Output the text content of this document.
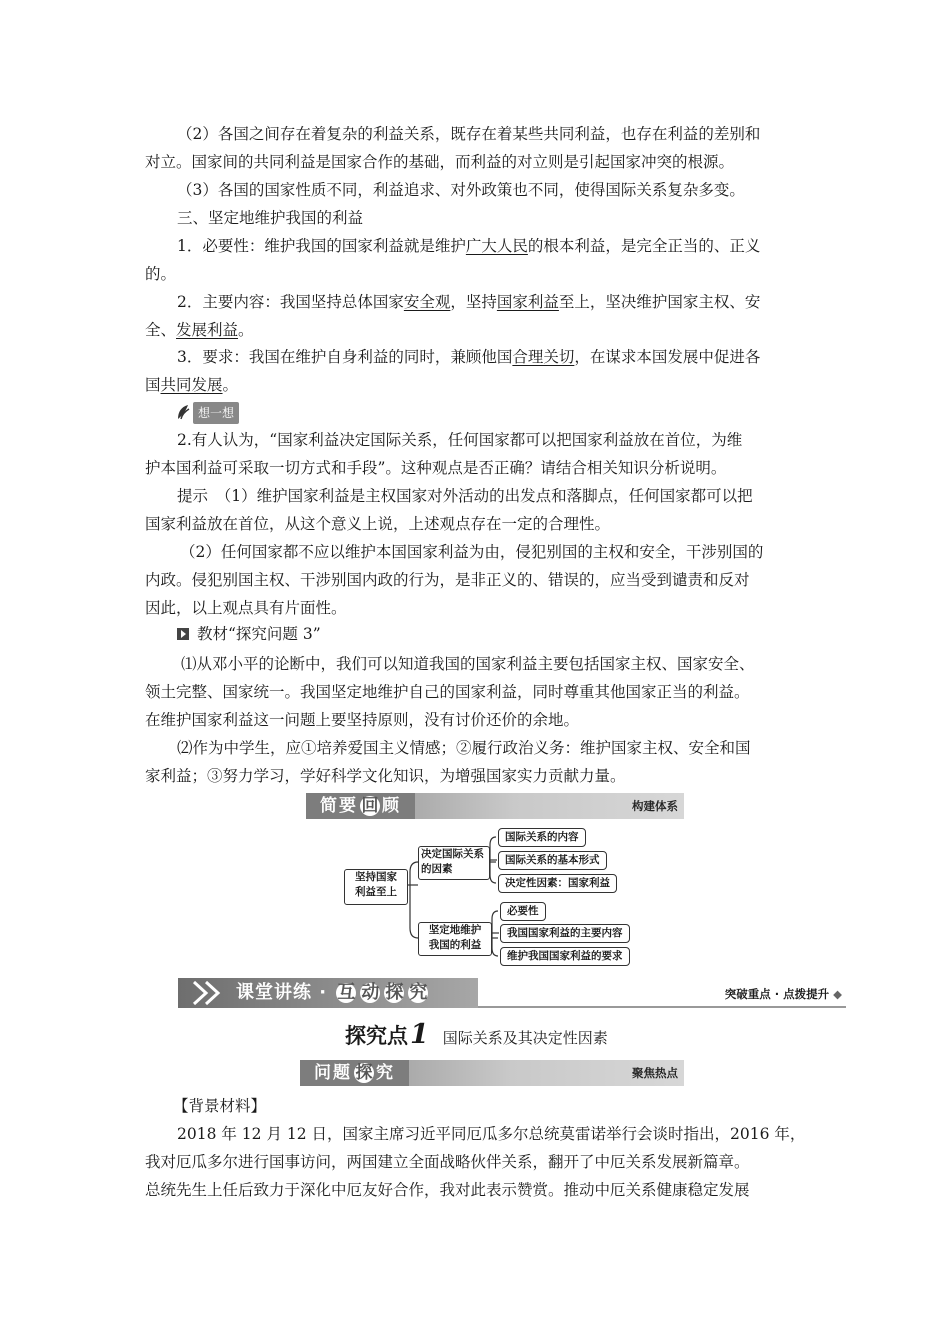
（2）各国之间存在着复杂的利益关系，既存在着某些共同利益，也存在利益的差别和
对立。国家间的共同利益是国家合作的基础，而利益的对立则是引起国家冲突的根源。

（3）各国的国家性质不同，利益追求、对外政策也不同，使得国际关系复杂多变。

三、坚定地维护我国的利益

1．必要性：维护我国的国家利益就是维护广大人民的根本利益，是完全正当的、正义
的。

2．主要内容：我国坚持总体国家安全观，坚持国家利益至上，坚决维护国家主权、安
全、发展利益。

3．要求：我国在维护自身利益的同时，兼顾他国合理关切，在谋求本国发展中促进各
国共同发展。

想一想

2.有人认为，“国家利益决定国际关系，任何国家都可以把国家利益放在首位，为维
护本国利益可采取一切方式和手段”。这种观点是否正确？请结合相关知识分析说明。

提示　（1）维护国家利益是主权国家对外活动的出发点和落脚点，任何国家都可以把
国家利益放在首位，从这个意义上说，上述观点存在一定的合理性。

（2）任何国家都不应以维护本国国家利益为由，侵犯别国的主权和安全，干涉别国的
内政。侵犯别国主权、干涉别国内政的行为，是非正义的、错误的，应当受到谴责和反对
因此，以上观点具有片面性。

教材“探究问题 3”

⑴从邓小平的论断中，我们可以知道我国的国家利益主要包括国家主权、国家安全、
领土完整、国家统一。我国坚定地维护自己的国家利益，同时尊重其他国家正当的利益。
在维护国家利益这一问题上要坚持原则，没有讨价还价的余地。

⑵作为中学生，应①培养爱国主义情感；②履行政治义务：维护国家主权、安全和国
家利益；③努力学习，学好科学文化知识，为增强国家实力贡献力量。

简要 回 顾	构建体系
坚持国家
利益至上
决定国际关系
的因素
国际关系的内容
国际关系的基本形式
决定性因素：国家利益
坚定地维护
我国的利益
必要性
我国国家利益的主要内容
维护我国国家利益的要求
课堂讲练 · 互 动 探 究	突破重点 · 点拨提升 ◆
探究点1 国际关系及其决定性因素
问题 探 究	聚焦热点

【背景材料】

2018 年 12 月 12 日，国家主席习近平同厄瓜多尔总统莫雷诺举行会谈时指出，2016 年，
我对厄瓜多尔进行国事访问，两国建立全面战略伙伴关系，翻开了中厄关系发展新篇章。
总统先生上任后致力于深化中厄友好合作，我对此表示赞赏。推动中厄关系健康稳定发展
